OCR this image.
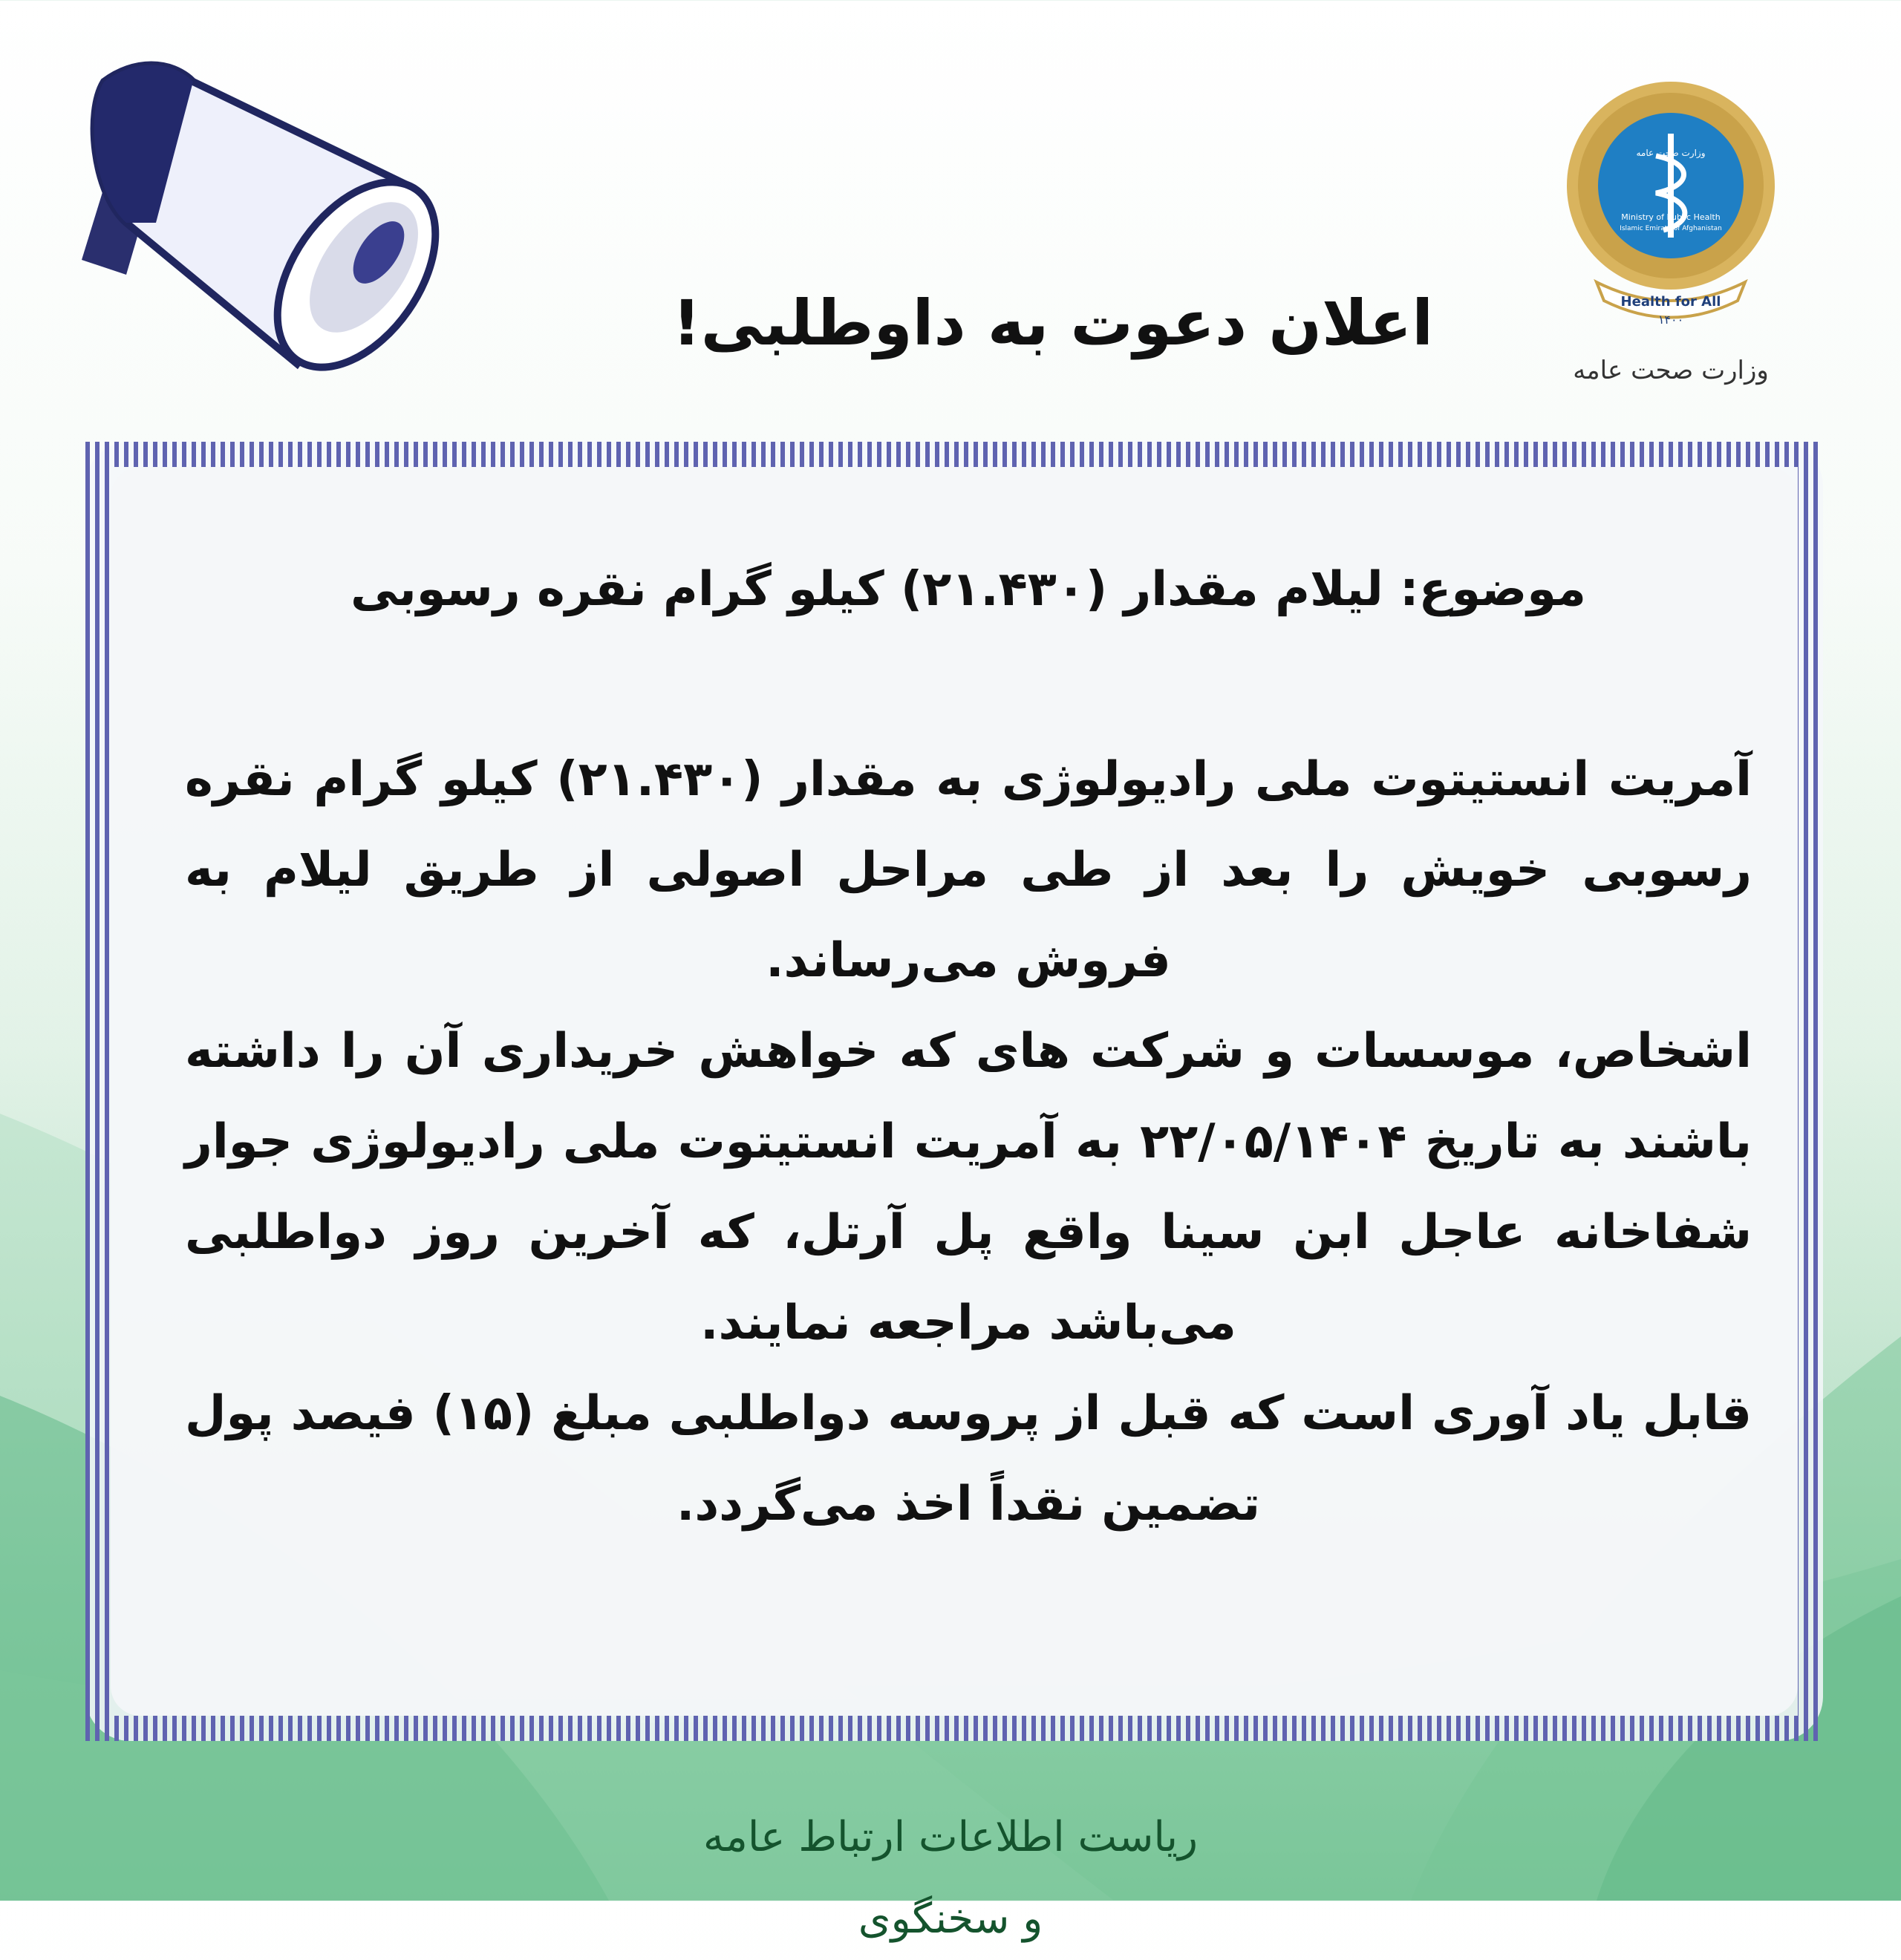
Health for All
۱۴۰۰
Ministry of Public Health
Islamic Emirate of Afghanistan
وزارت صحت عامه
وزارت صحت عامه
اعلان دعوت به داوطلبی!

موضوع: لیلام مقدار (۲۱.۴۳۰) کیلو گرام نقره رسوبی

آمریت انستیتوت ملی رادیولوژی به مقدار (۲۱.۴۳۰) کیلو گرام نقره رسوبی خویش را بعد از طی مراحل اصولی از طریق لیلام به فروش می‌رساند.

اشخاص، موسسات و شرکت های که خواهش خریداری آن را داشته باشند به تاریخ ۲۲/۰۵/۱۴۰۴ به آمریت انستیتوت ملی رادیولوژی جوار شفاخانه عاجل ابن سینا واقع پل آرتل، که آخرین روز دواطلبی می‌باشد مراجعه نمایند.

قابل یاد آوری است که قبل از پروسه دواطلبی مبلغ (۱۵) فیصد پول تضمین نقداً اخذ می‌گردد.

ریاست اطلاعات ارتباط عامه و سخنگوی
